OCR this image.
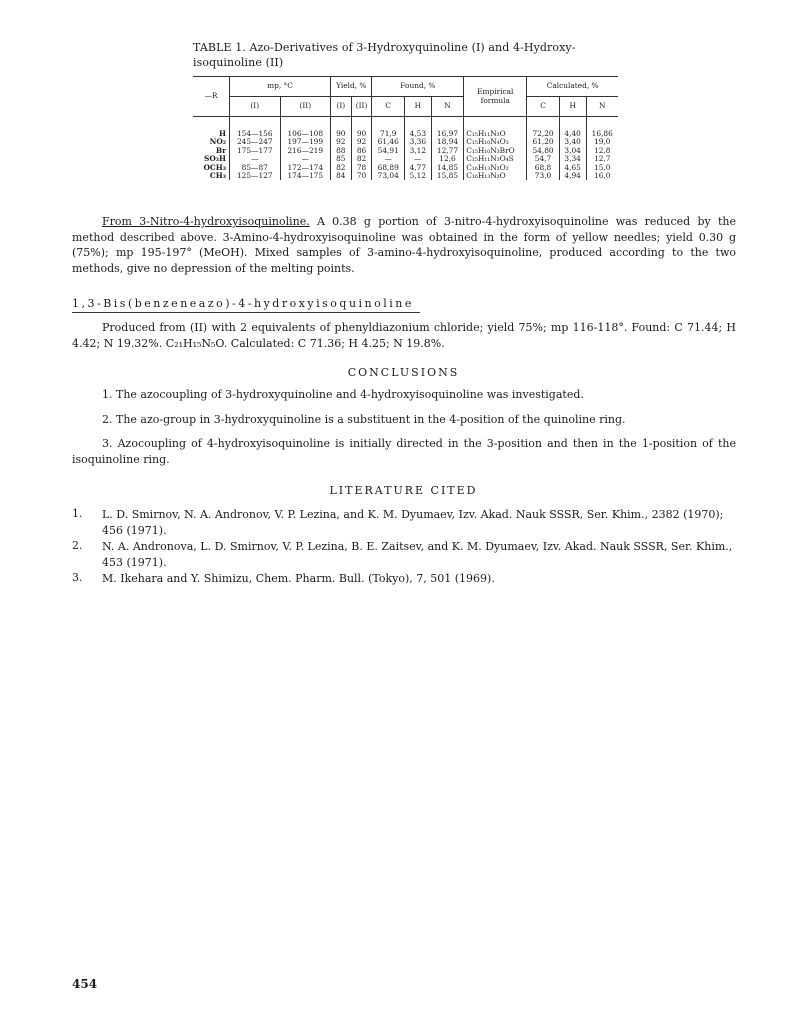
TABLE 1. Azo-Derivatives of 3-Hydroxyquinoline (I) and 4-Hydroxy-isoquinoline (II)
—R	mp, °C		Yield, %		Found, %			Empirical formula	Calculated, %		
	(I)	(II)	(I)	(II)	C	H	N		C	H	N
H	154—156	106—108	90	90	71,9	4,53	16,97	C₁₅H₁₁N₃O	72,20	4,40	16,86
NO₂	245—247	197—199	92	92	61,46	3,36	18,94	C₁₅H₁₀N₄O₃	61,20	3,40	19,0
Br	175—177	216—219	88	86	54,91	3,12	12,77	C₁₅H₁₀N₃BrO	54,80	3,04	12,8
SO₃H	—	—	85	82	—	—	12,6	C₁₅H₁₁N₃O₄S	54,7	3,34	12,7
OCH₃	85—87	172—174	82	78	68,89	4,77	14,85	C₁₆H₁₃N₃O₂	68,8	4,65	15,0
CH₃	125—127	174—175	84	70	73,04	5,12	15,85	C₁₆H₁₃N₃O	73,0	4,94	16,0

From 3-Nitro-4-hydroxyisoquinoline. A 0.38 g portion of 3-nitro-4-hydroxyisoquinoline was reduced by the method described above. 3-Amino-4-hydroxyisoquinoline was obtained in the form of yellow needles; yield 0.30 g (75%); mp 195-197° (MeOH). Mixed samples of 3-amino-4-hydroxyisoquinoline, produced according to the two methods, give no depression of the melting points.

1,3-Bis(benzeneazo)-4-hydroxyisoquinoline

Produced from (II) with 2 equivalents of phenyldiazonium chloride; yield 75%; mp 116-118°. Found: C 71.44; H 4.42; N 19.32%. C₂₁H₁₅N₅O. Calculated: C 71.36; H 4.25; N 19.8%.

CONCLUSIONS

1. The azocoupling of 3-hydroxyquinoline and 4-hydroxyisoquinoline was investigated.

2. The azo-group in 3-hydroxyquinoline is a substituent in the 4-position of the quinoline ring.

3. Azocoupling of 4-hydroxyisoquinoline is initially directed in the 3-position and then in the 1-position of the isoquinoline ring.

LITERATURE CITED

1. L. D. Smirnov, N. A. Andronov, V. P. Lezina, and K. M. Dyumaev, Izv. Akad. Nauk SSSR, Ser. Khim., 2382 (1970); 456 (1971).

2. N. A. Andronova, L. D. Smirnov, V. P. Lezina, B. E. Zaitsev, and K. M. Dyumaev, Izv. Akad. Nauk SSSR, Ser. Khim., 453 (1971).

3. M. Ikehara and Y. Shimizu, Chem. Pharm. Bull. (Tokyo), 7, 501 (1969).

454
